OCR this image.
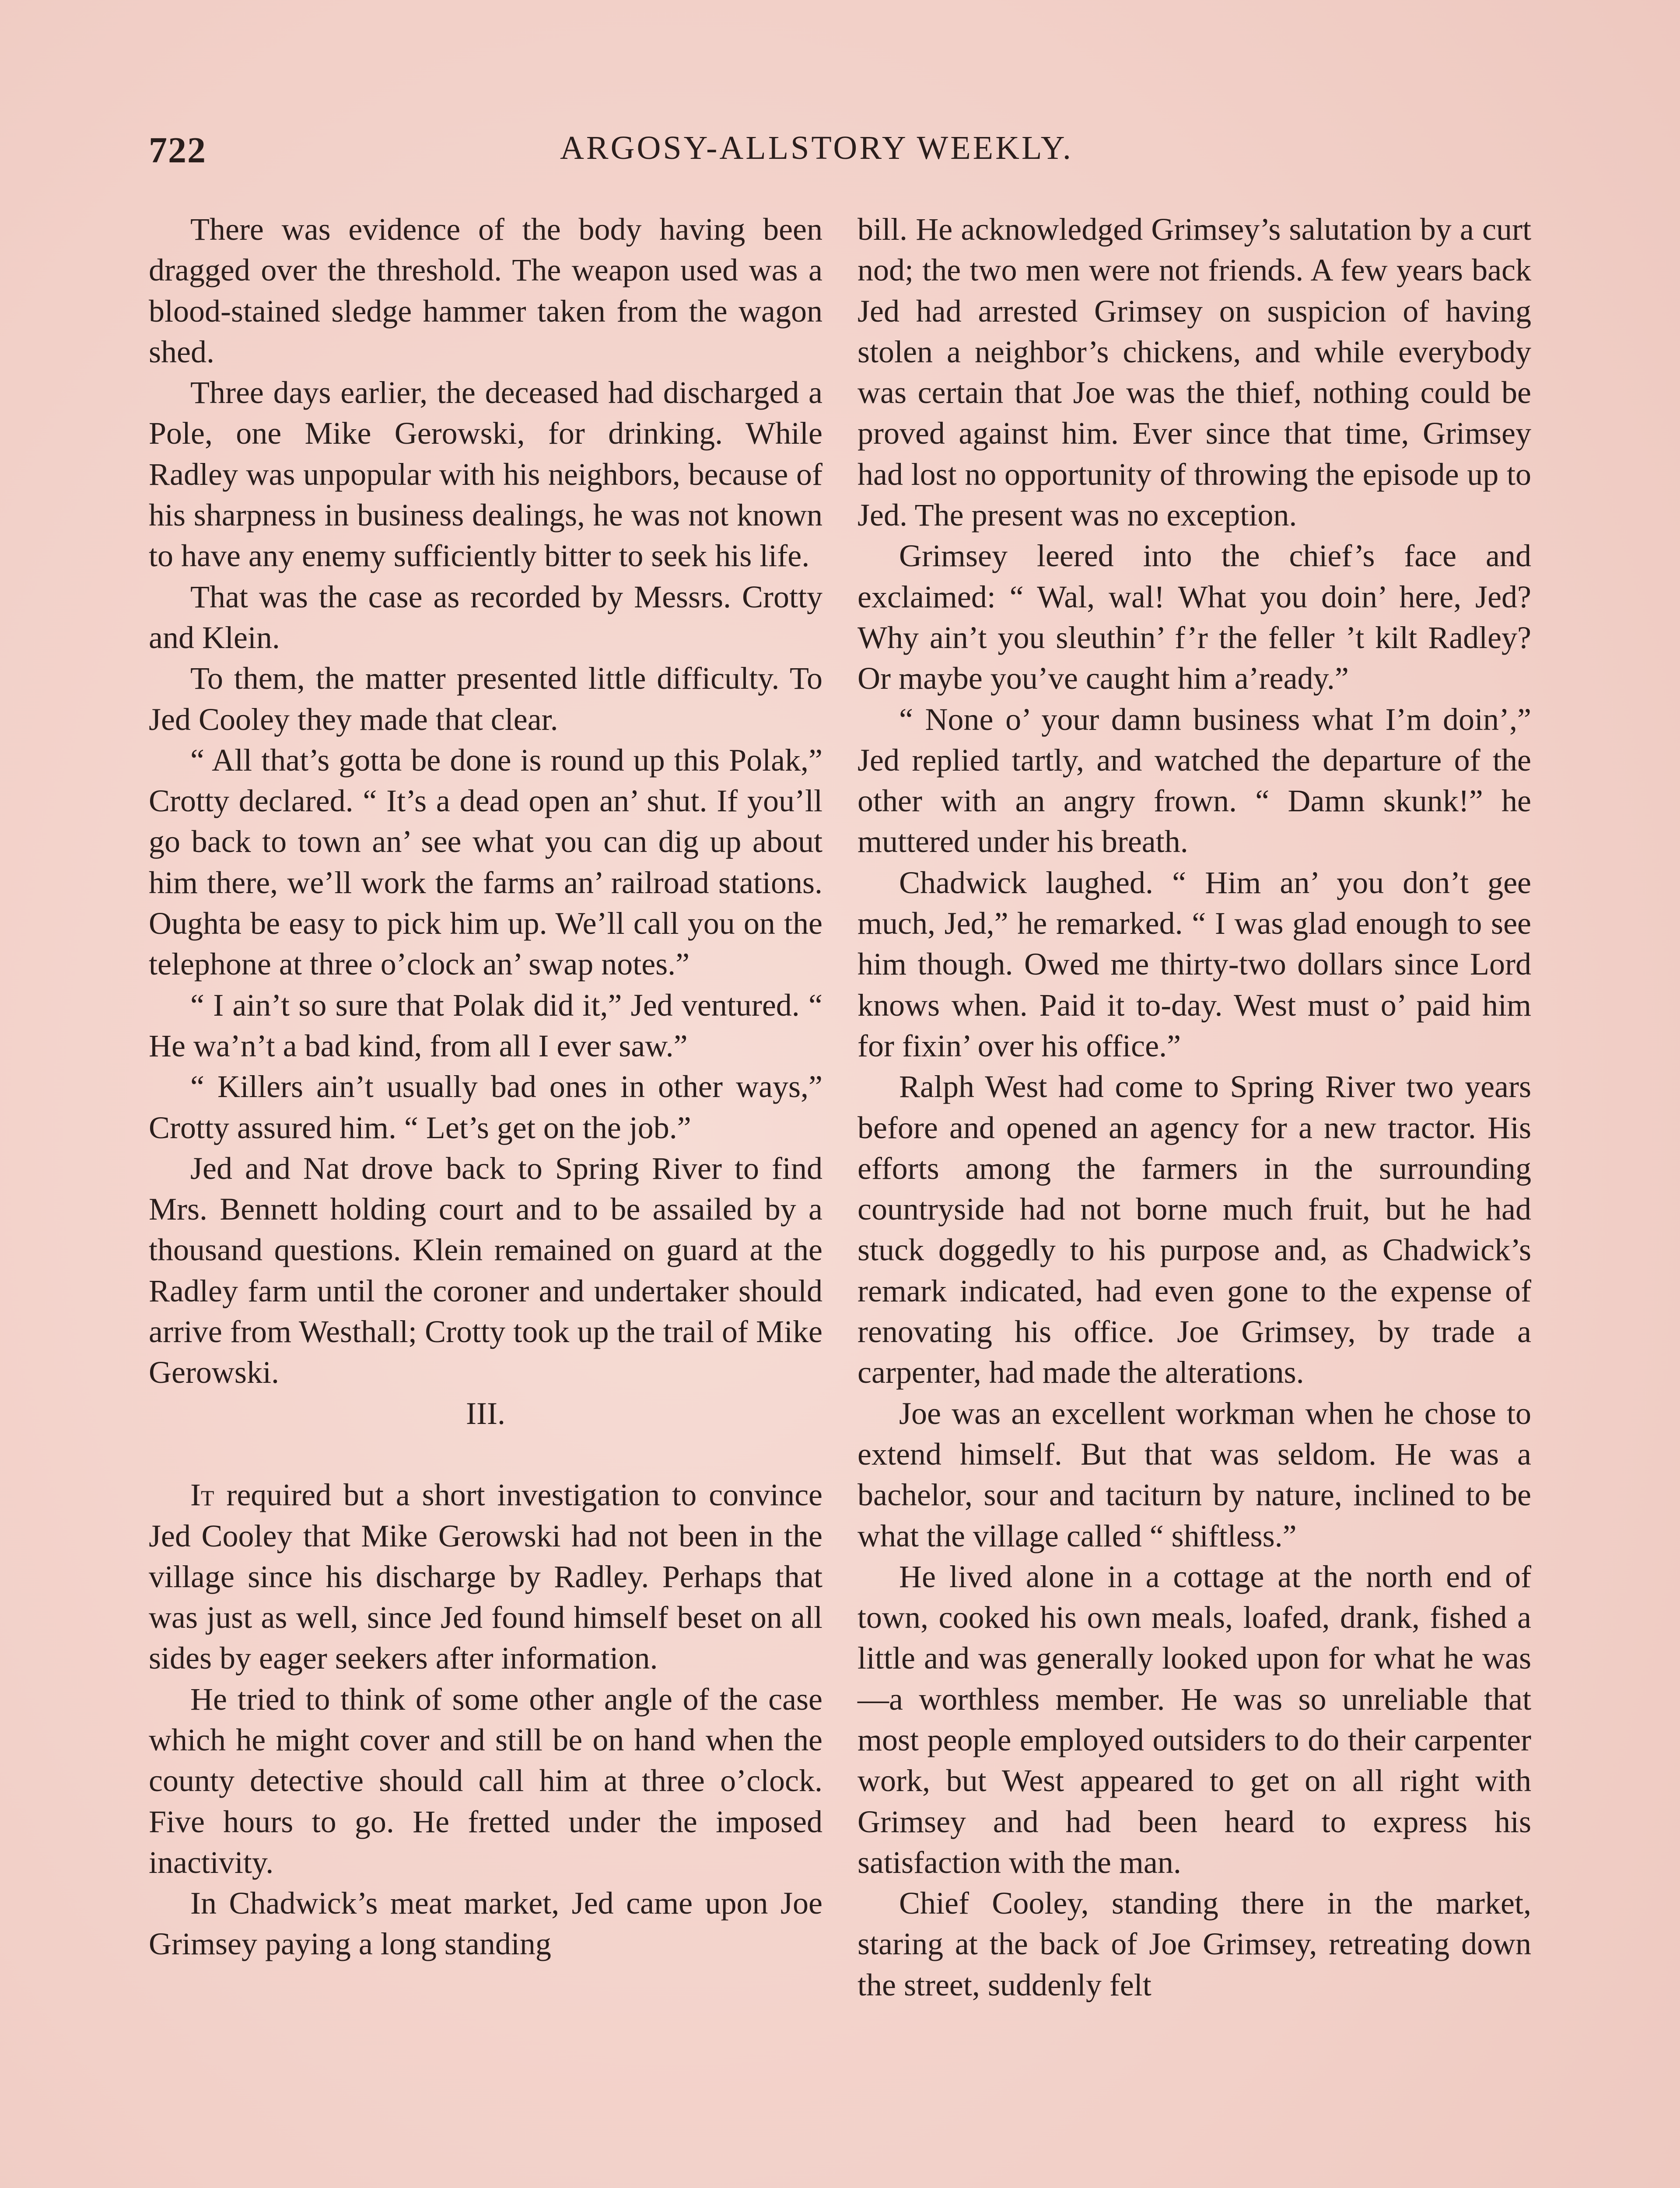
722	ARGOSY-ALLSTORY WEEKLY.

There was evidence of the body having been dragged over the threshold. The weapon used was a blood-stained sledge hammer taken from the wagon shed.

Three days earlier, the deceased had discharged a Pole, one Mike Gerowski, for drinking. While Radley was unpopular with his neighbors, because of his sharpness in business dealings, he was not known to have any enemy sufficiently bitter to seek his life.

That was the case as recorded by Messrs. Crotty and Klein.

To them, the matter presented little difficulty. To Jed Cooley they made that clear.

“ All that’s gotta be done is round up this Polak,” Crotty declared. “ It’s a dead open an’ shut. If you’ll go back to town an’ see what you can dig up about him there, we’ll work the farms an’ railroad stations. Oughta be easy to pick him up. We’ll call you on the telephone at three o’clock an’ swap notes.”

“ I ain’t so sure that Polak did it,” Jed ventured. “ He wa’n’t a bad kind, from all I ever saw.”

“ Killers ain’t usually bad ones in other ways,” Crotty assured him. “ Let’s get on the job.”

Jed and Nat drove back to Spring River to find Mrs. Bennett holding court and to be assailed by a thousand questions. Klein remained on guard at the Radley farm until the coroner and undertaker should arrive from Westhall; Crotty took up the trail of Mike Gerowski.

III.

It required but a short investigation to convince Jed Cooley that Mike Gerowski had not been in the village since his discharge by Radley. Perhaps that was just as well, since Jed found himself beset on all sides by eager seekers after information.

He tried to think of some other angle of the case which he might cover and still be on hand when the county detective should call him at three o’clock. Five hours to go. He fretted under the imposed inactivity.

In Chadwick’s meat market, Jed came upon Joe Grimsey paying a long standing

bill. He acknowledged Grimsey’s salutation by a curt nod; the two men were not friends. A few years back Jed had arrested Grimsey on suspicion of having stolen a neighbor’s chickens, and while everybody was certain that Joe was the thief, nothing could be proved against him. Ever since that time, Grimsey had lost no opportunity of throwing the episode up to Jed. The present was no exception.

Grimsey leered into the chief’s face and exclaimed: “ Wal, wal! What you doin’ here, Jed? Why ain’t you sleuthin’ f’r the feller ’t kilt Radley? Or maybe you’ve caught him a’ready.”

“ None o’ your damn business what I’m doin’,” Jed replied tartly, and watched the departure of the other with an angry frown. “ Damn skunk!” he muttered under his breath.

Chadwick laughed. “ Him an’ you don’t gee much, Jed,” he remarked. “ I was glad enough to see him though. Owed me thirty-two dollars since Lord knows when. Paid it to-day. West must o’ paid him for fixin’ over his office.”

Ralph West had come to Spring River two years before and opened an agency for a new tractor. His efforts among the farmers in the surrounding countryside had not borne much fruit, but he had stuck doggedly to his purpose and, as Chadwick’s remark indicated, had even gone to the expense of renovating his office. Joe Grimsey, by trade a carpenter, had made the alterations.

Joe was an excellent workman when he chose to extend himself. But that was seldom. He was a bachelor, sour and taciturn by nature, inclined to be what the village called “ shiftless.”

He lived alone in a cottage at the north end of town, cooked his own meals, loafed, drank, fished a little and was generally looked upon for what he was—a worthless member. He was so unreliable that most people employed outsiders to do their carpenter work, but West appeared to get on all right with Grimsey and had been heard to express his satisfaction with the man.

Chief Cooley, standing there in the market, staring at the back of Joe Grimsey, retreating down the street, suddenly felt
